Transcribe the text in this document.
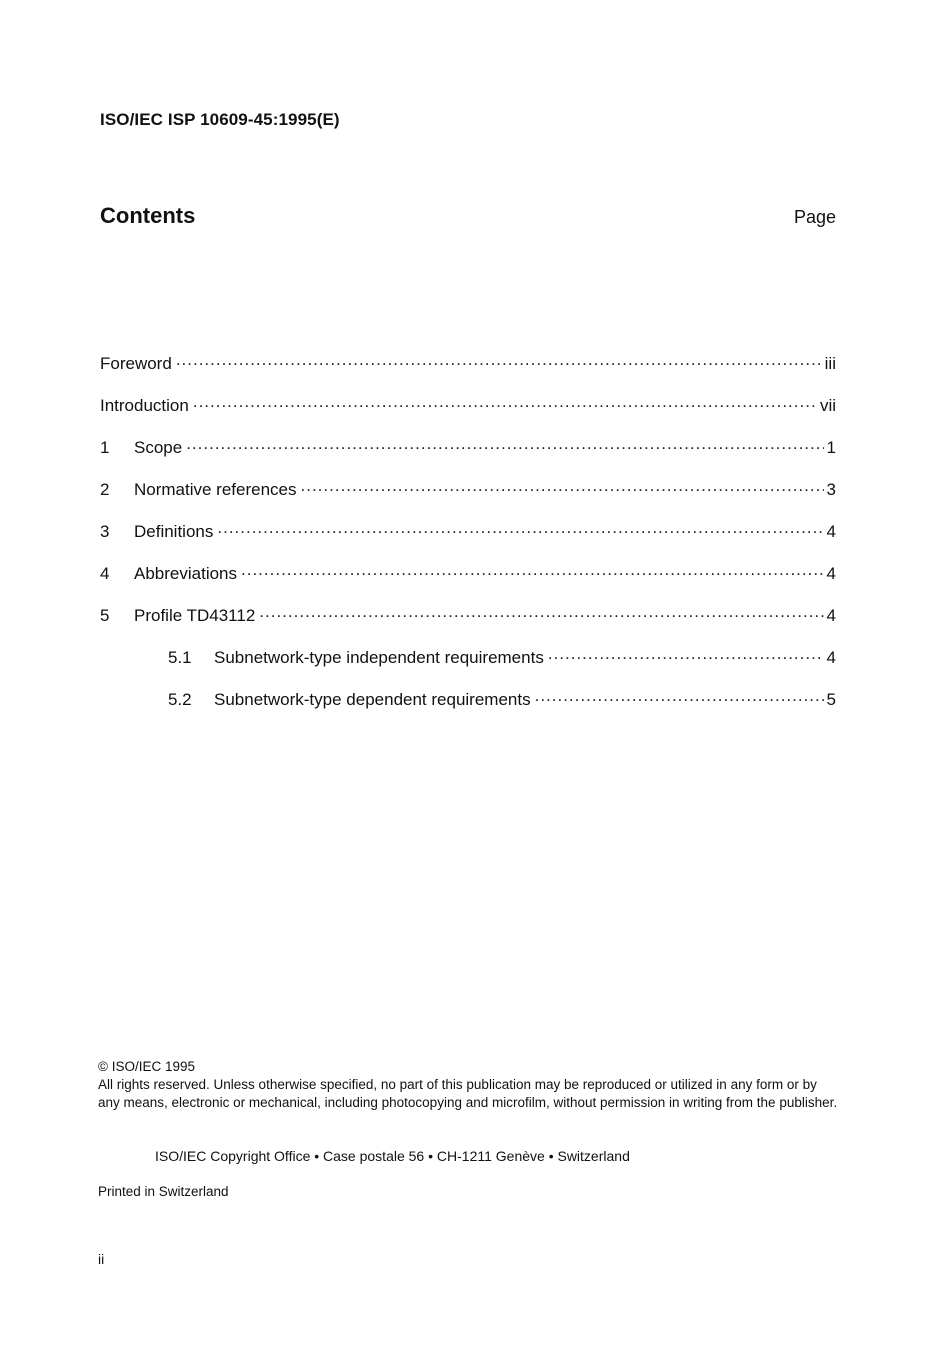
ISO/IEC ISP 10609-45:1995(E)
Contents	Page
Foreword .....	iii
Introduction .....	vii
1	Scope .....	1
2	Normative references .....	3
3	Definitions .....	4
4	Abbreviations .....	4
5	Profile TD43112 .....	4
5.1	Subnetwork-type independent requirements .....	4
5.2	Subnetwork-type dependent requirements .....	5
© ISO/IEC 1995
All rights reserved. Unless otherwise specified, no part of this publication may be reproduced or utilized in any form or by any means, electronic or mechanical, including photocopying and microfilm, without permission in writing from the publisher.
ISO/IEC Copyright Office • Case postale 56 • CH-1211 Genève • Switzerland
Printed in Switzerland
ii
